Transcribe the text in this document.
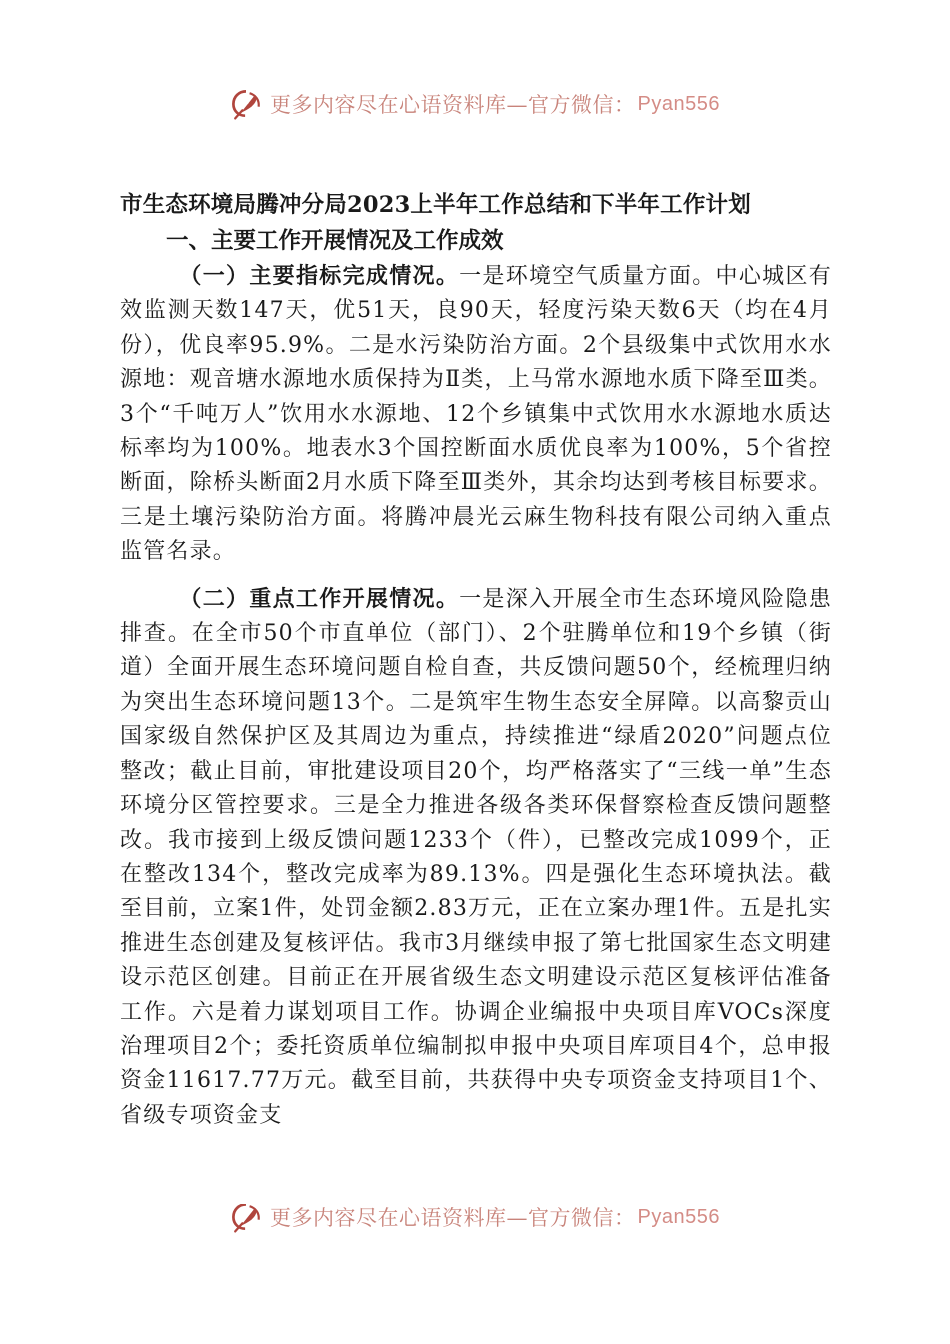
更多内容尽在心语资料库—官方微信： Pyan556
市生态环境局腾冲分局2023上半年工作总结和下半年工作计划
一、主要工作开展情况及工作成效

（一）主要指标完成情况。一是环境空气质量方面。中心城区有效监测天数147天，优51天，良90天，轻度污染天数6天（均在4月份），优良率95.9%。二是水污染防治方面。2个县级集中式饮用水水源地：观音塘水源地水质保持为Ⅱ类，上马常水源地水质下降至Ⅲ类。3个“千吨万人”饮用水水源地、12个乡镇集中式饮用水水源地水质达标率均为100%。地表水3个国控断面水质优良率为100%，5个省控断面，除桥头断面2月水质下降至Ⅲ类外，其余均达到考核目标要求。三是土壤污染防治方面。将腾冲晨光云麻生物科技有限公司纳入重点监管名录。

（二）重点工作开展情况。一是深入开展全市生态环境风险隐患排查。在全市50个市直单位（部门）、2个驻腾单位和19个乡镇（街道）全面开展生态环境问题自检自查，共反馈问题50个，经梳理归纳为突出生态环境问题13个。二是筑牢生物生态安全屏障。以高黎贡山国家级自然保护区及其周边为重点，持续推进“绿盾2020”问题点位整改；截止目前，审批建设项目20个，均严格落实了“三线一单”生态环境分区管控要求。三是全力推进各级各类环保督察检查反馈问题整改。我市接到上级反馈问题1233个（件），已整改完成1099个，正在整改134个，整改完成率为89.13%。四是强化生态环境执法。截至目前，立案1件，处罚金额2.83万元，正在立案办理1件。五是扎实推进生态创建及复核评估。我市3月继续申报了第七批国家生态文明建设示范区创建。目前正在开展省级生态文明建设示范区复核评估准备工作。六是着力谋划项目工作。协调企业编报中央项目库VOCs深度治理项目2个；委托资质单位编制拟申报中央项目库项目4个，总申报资金11617.77万元。截至目前，共获得中央专项资金支持项目1个、省级专项资金支

更多内容尽在心语资料库—官方微信： Pyan556
